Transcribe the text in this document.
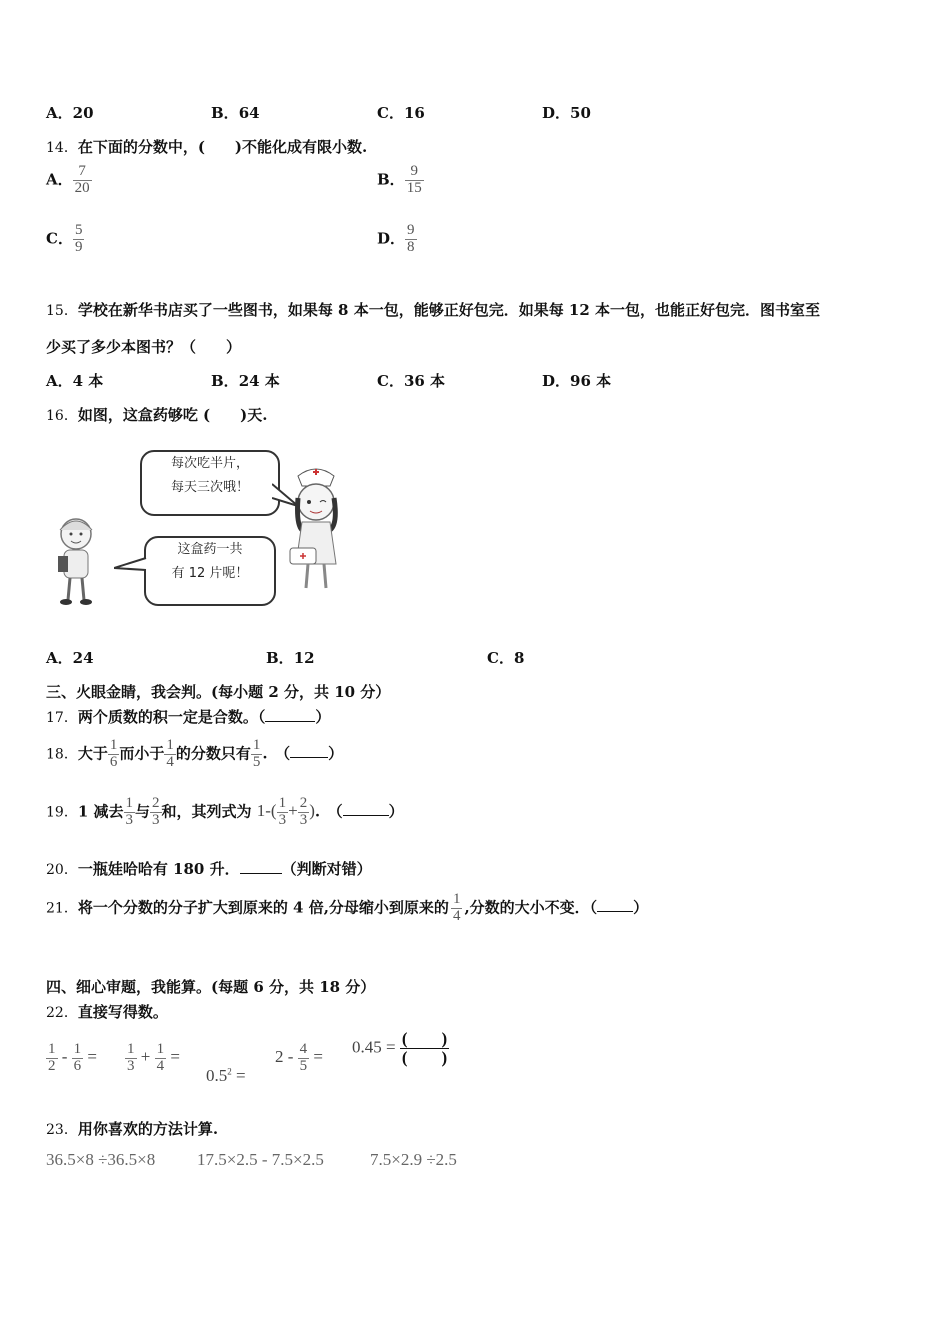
A．20	B．64	C．16	D．50
14．在下面的分数中，(　　)不能化成有限小数.
A． $\frac{7}{20}$	B． $\frac{9}{15}$
C． $\frac{5}{9}$	D． $\frac{9}{8}$
15．学校在新华书店买了一些图书，如果每 8 本一包，能够正好包完．如果每 12 本一包，也能正好包完．图书室至
少买了多少本图书？（　　）
A．4 本	B．24 本	C．36 本	D．96 本
16．如图，这盒药够吃 (　　)天.
每次吃半片，
每天三次哦！
这盒药一共
有 12 片呢！
A．24	B．12	C．8
三、火眼金睛，我会判。(每小题 2 分，共 10 分）
17．两个质数的积一定是合数。（	）
18．大于 $\frac{1}{6}$ 而小于 $\frac{1}{4}$ 的分数只有 $\frac{1}{5}$ .　（	）
19．1 减去 $\frac{1}{3}$ 与 $\frac{2}{3}$ 和，其列式为 $1-( \frac{1}{3} + \frac{2}{3}$ ).　（	）
20．一瓶娃哈哈有 180 升．	（判断对错）
21．将一个分数的分子扩大到原来的 4 倍,分母缩小到原来的 $\frac{1}{4}$ ,分数的大小不变．（ ）
四、细心审题，我能算。(每题 6 分，共 18 分）
22．直接写得数。
$\frac{1}{2} - \frac{1}{6} = \frac{1}{3} + \frac{1}{4}$ =
$0.5^2$ =
$2 - \frac{4}{5}$ =
$0.45 = \frac{( )}{( )}$
23．用你喜欢的方法计算.
36.5×8 ÷36.5×8 17.5×2.5 - 7.5×2.5	7.5×2.9 ÷2.5
